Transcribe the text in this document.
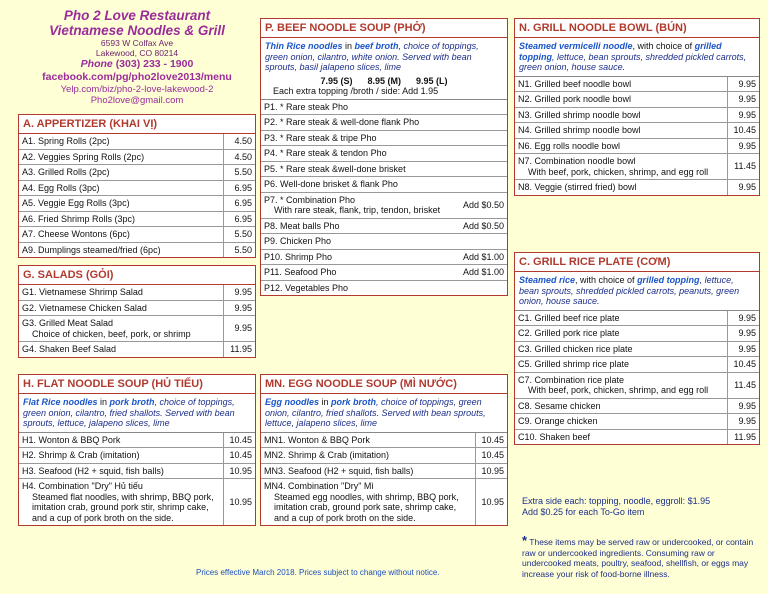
Pho 2 Love Restaurant
Vietnamese Noodles & Grill
6593 W Colfax Ave
Lakewood, CO 80214
Phone (303) 233 - 1900
facebook.com/pg/pho2love2013/menu
Yelp.com/biz/pho-2-love-lakewood-2
Pho2love@gmail.com
A. APPERTIZER (KHAI VỊ)
A1. Spring Rolls (2pc)	4.50

A2. Veggies Spring Rolls (2pc)	4.50

A3. Grilled Rolls (2pc)	5.50

A4. Egg Rolls (3pc)	6.95

A5. Veggie Egg Rolls (3pc)	6.95

A6. Fried Shrimp Rolls (3pc)	6.95

A7. Cheese Wontons (6pc)	5.50

A9. Dumplings steamed/fried (6pc)	5.50
G. SALADS (GỎI)
G1. Vietnamese Shrimp Salad	9.95

G2. Vietnamese Chicken Salad	9.95

G3. Grilled Meat Salad
Choice of chicken, beef, pork, or shrimp	9.95

G4. Shaken Beef Salad	11.95
H. FLAT NOODLE SOUP (HỦ TIẾU)
Flat Rice noodles in pork broth, choice of toppings, green onion, cilantro, fried shallots. Served with bean sprouts, lettuce, jalapeno slices, lime
H1. Wonton & BBQ Pork	10.45

H2. Shrimp & Crab (imitation)	10.45

H3. Seafood (H2 + squid, fish balls)	10.95

H4. Combination "Dry" Hủ tiếu
Steamed flat noodles, with shrimp, BBQ pork, imitation crab, ground pork stir, shrimp cake, and a cup of pork broth on the side.	10.95
P. BEEF NOODLE SOUP (PHỞ)
Thin Rice noodles in beef broth, choice of toppings, green onion, cilantro, white onion. Served with bean sprouts, basil jalapeno slices, lime
7.95 (S)      8.95 (M)      9.95 (L)
Each extra topping /broth / side: Add 1.95
P1. * Rare steak Pho	

P2. * Rare steak & well-done flank Pho	

P3. * Rare steak & tripe Pho	

P4. * Rare steak & tendon Pho	

P5. * Rare steak &well-done brisket	

P6. Well-done brisket & flank Pho	

P7. * Combination Pho
With rare steak, flank, trip, tendon, brisket	Add $0.50

P8. Meat balls Pho	Add $0.50

P9. Chicken Pho	

P10. Shrimp Pho	Add $1.00

P11. Seafood Pho	Add $1.00

P12. Vegetables Pho	

MN. EGG NOODLE SOUP (MÌ NƯỚC)
Egg noodles in pork broth, choice of toppings, green onion, cilantro, fried shallots. Served with bean sprouts, lettuce, jalapeno slices, lime
MN1. Wonton & BBQ Pork	10.45

MN2. Shrimp & Crab (imitation)	10.45

MN3. Seafood (H2 + squid, fish balls)	10.95

MN4. Combination "Dry" Mì
Steamed egg noodles, with shrimp, BBQ pork, imitation crab, ground pork sate, shrimp cake, and a cup of pork broth on the side.	10.95
N. GRILL NOODLE BOWL (BÚN)
Steamed vermicelli noodle, with choice of grilled topping, lettuce, bean sprouts, shredded pickled carrots, green onion, house sauce.
N1. Grilled beef noodle bowl	9.95

N2. Grilled pork noodle bowl	9.95

N3. Grilled shrimp noodle bowl	9.95

N4. Grilled shrimp noodle bowl	10.45

N6. Egg rolls noodle bowl	9.95

N7. Combination noodle bowl
With beef, pork, chicken, shrimp, and egg roll	11.45

N8. Veggie (stirred fried) bowl	9.95
C. GRILL RICE PLATE (CƠM)
Steamed rice, with choice of grilled topping, lettuce, bean sprouts, shredded pickled carrots, peanuts, green onion, house sauce.
C1. Grilled beef rice plate	9.95

C2. Grilled pork rice plate	9.95

C3. Grilled chicken rice plate	9.95

C5. Grilled shrimp rice plate	10.45

C7. Combination rice plate
With beef, pork, chicken, shrimp, and egg roll	11.45

C8. Sesame chicken	9.95

C9. Orange chicken	9.95

C10. Shaken beef	11.95
Extra side each: topping, noodle, eggroll: $1.95
Add $0.25 for each To-Go item
* These items may be served raw or undercooked, or contain raw or undercooked ingredients. Consuming raw or undercooked meats, poultry, seafood, shellfish, or eggs may increase your risk of food-borne illness.
Prices effective March 2018. Prices subject to change without notice.
